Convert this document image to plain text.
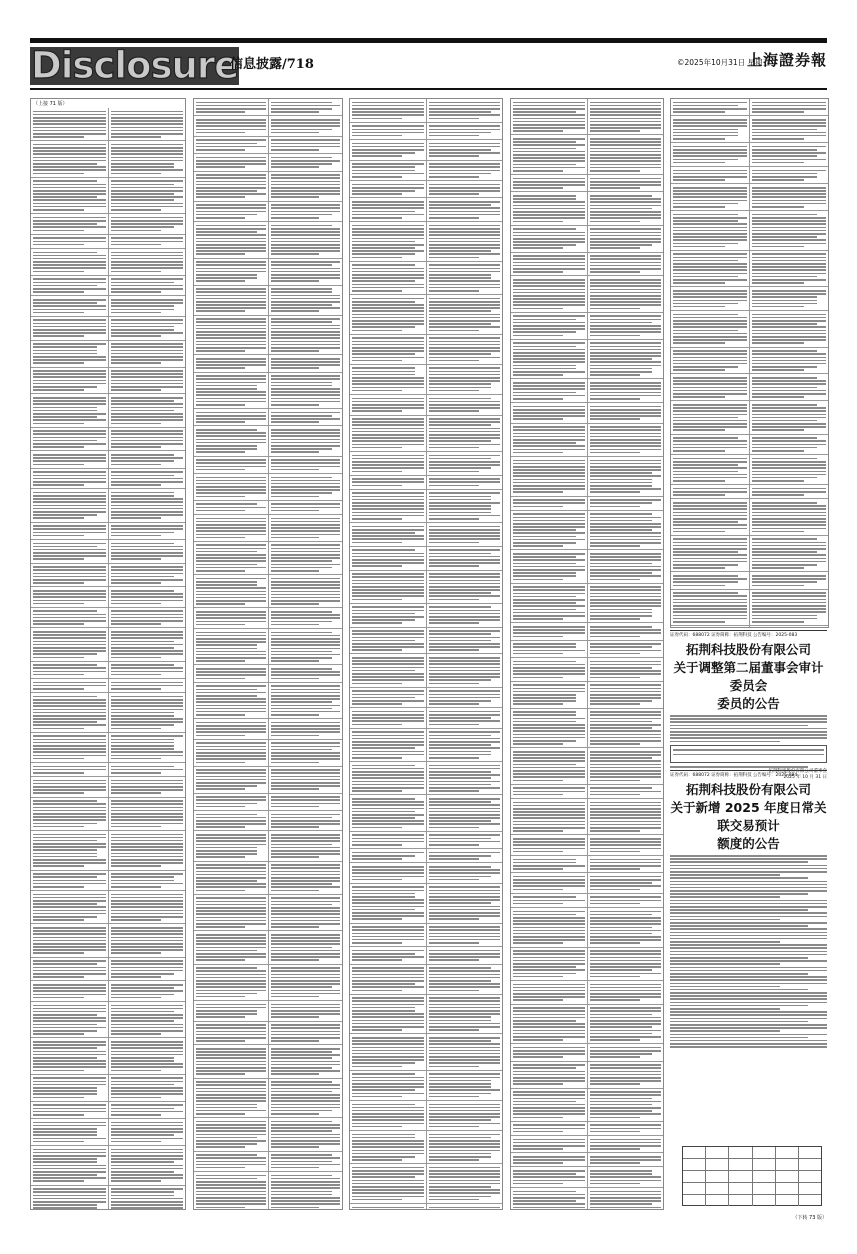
Disclosure
信息披露/718	©2025年10月31日 星期五
上海證券報
（上接 71 版）
证券代码：688072 证券简称：拓荆科技 公告编号：2025-083
拓荆科技股份有限公司
关于调整第二届董事会审计委员会
委员的公告
拓荆科技股份有限公司董事会
2025 年 10 月 31 日
证券代码：688072 证券简称：拓荆科技 公告编号：2025-084
拓荆科技股份有限公司
关于新增 2025 年度日常关联交易预计
额度的公告
（下转 73 版）
